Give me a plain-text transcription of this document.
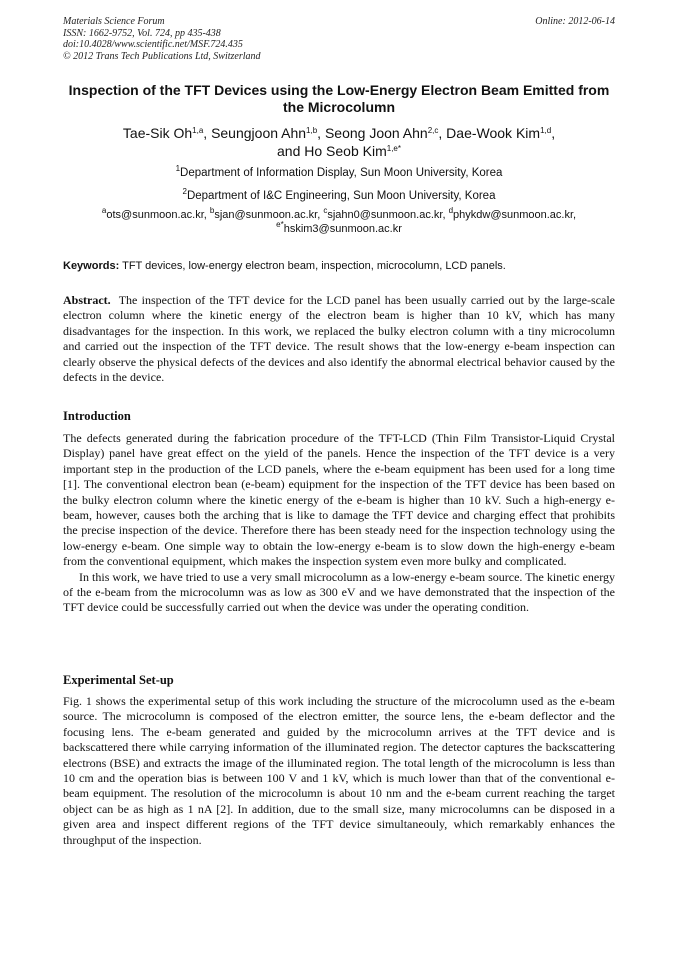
Materials Science Forum
ISSN: 1662-9752, Vol. 724, pp 435-438
doi:10.4028/www.scientific.net/MSF.724.435
© 2012 Trans Tech Publications Ltd, Switzerland
Online: 2012-06-14
Inspection of the TFT Devices using the Low-Energy Electron Beam Emitted from the Microcolumn
Tae-Sik Oh$^{1,a}$, Seungjoon Ahn$^{1,b}$, Seong Joon Ahn$^{2,c}$, Dae-Wook Kim$^{1,d}$,
and Ho Seob Kim$^{1,e*}$
$^1$Department of Information Display, Sun Moon University, Korea
$^2$Department of I&C Engineering, Sun Moon University, Korea
$^a$ots@sunmoon.ac.kr, $^b$sjan@sunmoon.ac.kr, $^c$sjahn0@sunmoon.ac.kr, $^d$phykdw@sunmoon.ac.kr,
$^{e*}$hskim3@sunmoon.ac.kr
Keywords: TFT devices, low-energy electron beam, inspection, microcolumn, LCD panels.
Abstract. The inspection of the TFT device for the LCD panel has been usually carried out by the large-scale electron column where the kinetic energy of the electron beam is higher than 10 kV, which has many disadvantages for the inspection. In this work, we replaced the bulky electron column with a tiny microcolumn and carried out the inspection of the TFT device. The result shows that the low-energy e-beam inspection can clearly observe the physical defects of the devices and also identify the abnormal electrical behavior caused by the defects in the device.
Introduction

The defects generated during the fabrication procedure of the TFT-LCD (Thin Film Transistor-Liquid Crystal Display) panel have great effect on the yield of the panels. Hence the inspection of the TFT device is a very important step in the production of the LCD panels, where the e-beam equipment has been used for a long time [1]. The conventional electron bean (e-beam) equipment for the inspection of the TFT device has been based on the bulky electron column where the kinetic energy of the e-beam is higher than 10 kV. Such a high-energy e-beam, however, causes both the arching that is like to damage the TFT device and charging effect that prohibits the precise inspection of the device. Therefore there has been steady need for the inspection technology using the low-energy e-beam. One simple way to obtain the low-energy e-beam is to slow down the high-energy e-beam from the conventional equipment, which makes the inspection system even more bulky and complicated.

In this work, we have tried to use a very small microcolumn as a low-energy e-beam source. The kinetic energy of the e-beam from the microcolumn was as low as 300 eV and we have demonstrated that the inspection of the TFT device could be successfully carried out when the device was under the operating condition.

Experimental Set-up
Fig. 1 shows the experimental setup of this work including the structure of the microcolumn used as the e-beam source. The microcolumn is composed of the electron emitter, the source lens, the e-beam deflector and the focusing lens. The e-beam generated and guided by the microcolumn arrives at the TFT device and is backscattered there while carrying information of the illuminated region. The detector captures the backscattering electrons (BSE) and extracts the image of the illuminated region. The total length of the microcolumn is less than 10 cm and the operation bias is between 100 V and 1 kV, which is much lower than that of the conventional e-beam equipment. The resolution of the microcolumn is about 10 nm and the e-beam current reaching the target object can be as high as 1 nA [2]. In addition, due to the small size, many microcolumns can be disposed in a given area and inspect different regions of the TFT device simultaneouly, which remarkably enhances the throughput of the inspection.
